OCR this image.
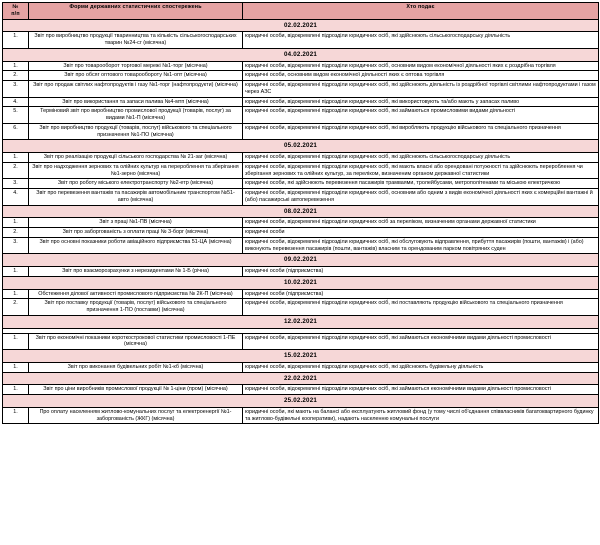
№
п/п	Форми державних статистичних спостережень	Хто подає
02.02.2021		
1.	Звіт про виробництво продукції тваринництва та кількість сільськогосподарських тварин №24-сг (місячна)	юридичні особи, відокремлені підрозділи юридичних осіб, які здійснюють сільськогосподарську діяльність
04.02.2021		
1.	Звіт про товарооборот торгової мережі №1-торг (місячна)	юридичні особи, відокремлені підрозділи юридичних осіб, основним видом економічної діяльності яких є роздрібна торгівля
2.	Звіт про обсяг оптового товарообороту №1-опт (місячна)	юридичні особи, основним видом економічної діяльності яких є оптова торгівля
3.	Звіт про продаж світлих нафтопродуктів і газу №1-торг (нафтопродукти) (місячна)	юридичні особи, відокремлені підрозділи юридичних осіб, які здійснюють діяльність із роздрібної торгівлі світлими нафтопродуктами і газом через АЗС
4.	Звіт про використання та запаси палива №4-мтп (місячна)	юридичні особи, відокремлені підрозділи юридичних осіб, які використовують та/або мають у запасах паливо
5.	Терміновий звіт про виробництво промислової продукції (товарів, послуг) за видами №1-П (місячна)	юридичні особи, відокремлені підрозділи юридичних осіб, які займаються промисловими видами діяльності
6.	Звіт про виробництво продукції (товарів, послуг) військового та спеціального призначення №1-ПО (місячна)	юридичні особи, відокремлені підрозділи юридичних осіб, які виробляють продукцію військового та спеціального призначення
05.02.2021		
1.	Звіт про реалізацію продукції сільського господарства № 21-заг (місячна)	юридичні особи, відокремлені підрозділи юридичних осіб, які здійснюють сільськогосподарську діяльність
2.	Звіт про надходження зернових та олійних культур на перероблення та зберігання №1-зерно (місячна)	юридичні особи, відокремлені підрозділи юридичних осіб, які мають власні або орендовані потужності та здійснюють перероблення чи зберігання зернових та олійних культур, за переліком, визначеним органом державної статистики
3.	Звіт про роботу міського електротранспорту №2-етр (місячна)	юридичні особи, які здійснюють перевезення пасажирів трамваями, тролейбусами, метрополітенами та міською електричкою
4.	Звіт про перевезення вантажів та пасажирів автомобільним транспортом №51-авто (місячна)	юридичні особи, відокремлені підрозділи юридичних осіб, основним або одним з видів економічної діяльності яких є комерційні вантажні й (або) пасажирські автоперевезення
08.02.2021		
1.	Звіт з праці №1-ПВ (місячна)	юридичні особи, відокремлені підрозділи юридичних осіб за переліком, визначеним органами державної статистики
2.	Звіт про заборгованість з оплати праці № 3-борг (місячна)	юридичні особи
3.	Звіт про основні показники роботи авіаційного підприємства 51-ЦА (місячна)	юридичні особи, відокремлені підрозділи юридичних осіб, які обслуговують відправлення, прибуття пасажирів (пошти, вантажів) і (або) виконують перевезення пасажирів (пошти, вантажів) власним та орендованим парком повітряних суден
09.02.2021		
1.	Звіт про взаєморозрахунки з нерезидентами № 1-Б (річна)	юридичні особи (підприємства)
10.02.2021		
1.	Обстеження ділової активності промислового підприємства № 2К-П (місячна)	юридичні особи (підприємства)
2.	Звіт про поставку продукції (товарів, послуг) військового та спеціального призначення 1-ПО (поставки) (місячна)	юридичні особи, відокремлені підрозділи юридичних осіб, які поставляють продукцію військового та спеціального призначення
12.02.2021		

1.	Звіт про економічні показники короткострокової статистики промисловості 1-ПЕ (місячна)	юридичні особи, відокремлені підрозділи юридичних осіб, які займаються економічними видами діяльності промисловості
15.02.2021		
1.	Звіт про виконання будівельних робіт №1-кб (місячна)	юридичні особи, відокремлені підрозділи юридичних осіб, які здійснюють будівельну діяльність
22.02.2021		
1.	Звіт про ціни виробників промислової продукції № 1-ціни (пром) (місячна)	юридичні особи, відокремлені підрозділи юридичних осіб, які займаються економічними видами діяльності промисловості
25.02.2021		
1.	Про оплату населенням житлово-комунальних послуг та електроенергії №1-заборгованість (ЖКГ) (місячна)	юридичні особи, які мають на балансі або експлуатують житловий фонд (у тому числі об'єднання співвласників багатоквартирного будинку та житлово-будівельні кооперативи), надають населенню комунальні послуги
